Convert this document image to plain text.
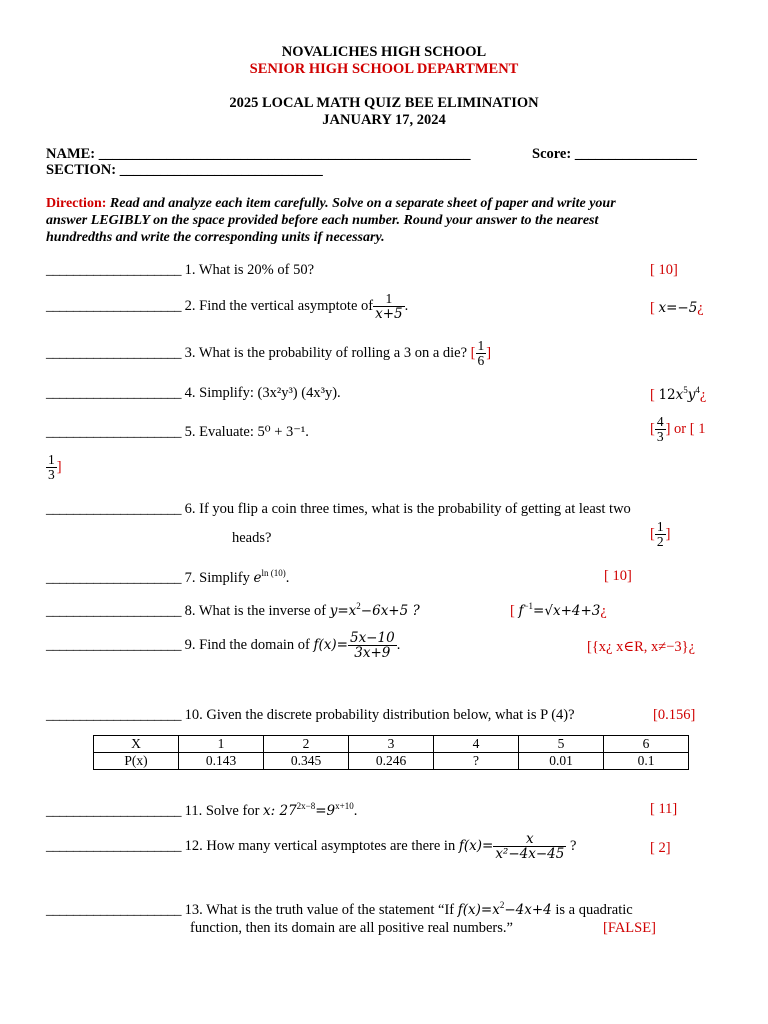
NOVALICHES HIGH SCHOOL
SENIOR HIGH SCHOOL DEPARTMENT
2025 LOCAL MATH QUIZ BEE ELIMINATION
JANUARY 17, 2024
NAME: _______________________________________________________	Score: __________________
SECTION: ______________________________
Direction: Read and analyze each item carefully. Solve on a separate sheet of paper and write your
answer LEGIBLY on the space provided before each number. Round your answer to the nearest
hundredths and write the corresponding units if necessary.
____________________ 1. What is 20% of 50?	[ 10]
____________________ 2. Find the vertical asymptote of $\frac{1}{x+5}$ .	[ x=−5¿
____________________ 3. What is the probability of rolling a 3 on a die? [ $\frac{1}{6}$ ]
____________________ 4. Simplify: (3x²y³) (4x³y).	[ $12x^5y^4¿$
____________________ 5. Evaluate: 5⁰ + 3⁻¹.	[ $\frac{4}{3}$ ] or [ 1
$\frac{1}{3}$ ]
____________________ 6. If you flip a coin three times, what is the probability of getting at least two
heads?	[ $\frac{1}{2}$ ]
____________________ 7. Simplify $e^{ln (10)}$.	[ 10]
____________________ 8. What is the inverse of $y=x^2-6x+5$ ?	[ $f^{-1}=√x+4+3¿$
____________________ 9. Find the domain of $f(x)= \frac{5x-10}{3x+9}$ .	[{x¿ x∈R, x≠−3}¿
____________________ 10. Given the discrete probability distribution below, what is P (4)?	[0.156]
X	1	2	3	4	5	6
P(x)	0.143	0.345	0.246	?	0.01	0.1
____________________ 11. Solve for x: $27^{2x-8}=9^{x+10}$.	[ 11]
____________________ 12. How many vertical asymptotes are there in $f(x)= \frac{x}{\text{x²−4x−45}}$ ?	[ 2]
____________________ 13. What is the truth value of the statement “If $f(x)=x^2-4x+4$ is a quadratic
function, then its domain are all positive real numbers.”	[FALSE]
